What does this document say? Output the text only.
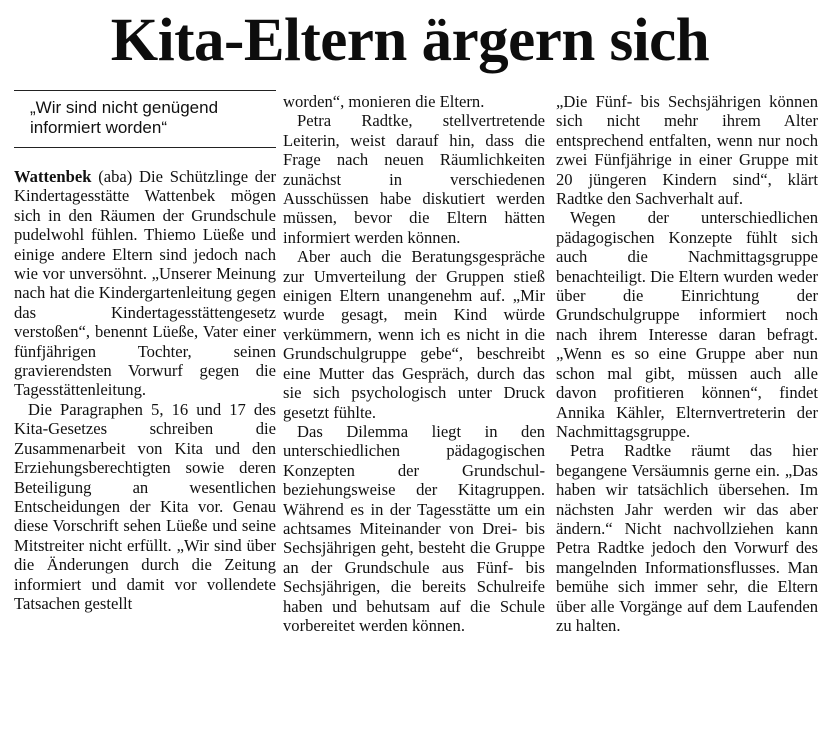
Kita-Eltern ärgern sich
„Wir sind nicht genügend informiert worden“

Wattenbek (aba) Die Schützlinge der Kindertagesstätte Wattenbek mögen sich in den Räumen der Grundschule pudelwohl fühlen. Thiemo Lüeße und einige andere Eltern sind jedoch nach wie vor unversöhnt. „Unserer Meinung nach hat die Kindergartenleitung gegen das Kindertagesstättengesetz verstoßen“, benennt Lüeße, Vater einer fünfjährigen Tochter, seinen gravierendsten Vorwurf gegen die Tagesstättenleitung.

Die Paragraphen 5, 16 und 17 des Kita-Gesetzes schreiben die Zusammenarbeit von Kita und den Erziehungsberechtigten sowie deren Beteiligung an wesentlichen Entscheidungen der Kita vor. Genau diese Vorschrift sehen Lüeße und seine Mitstreiter nicht erfüllt. „Wir sind über die Änderungen durch die Zeitung informiert und damit vor vollendete Tatsachen gestellt

worden“, monieren die Eltern.

Petra Radtke, stellvertretende Leiterin, weist darauf hin, dass die Frage nach neuen Räumlichkeiten zunächst in verschiedenen Ausschüssen habe diskutiert werden müssen, bevor die Eltern hätten informiert werden können.

Aber auch die Beratungsgespräche zur Umverteilung der Gruppen stieß einigen Eltern unangenehm auf. „Mir wurde gesagt, mein Kind würde verkümmern, wenn ich es nicht in die Grundschulgruppe gebe“, beschreibt eine Mutter das Gespräch, durch das sie sich psychologisch unter Druck gesetzt fühlte.

Das Dilemma liegt in den unterschiedlichen pädagogischen Konzepten der Grundschul- beziehungsweise der Kitagruppen. Während es in der Tagesstätte um ein achtsames Miteinander von Drei- bis Sechsjährigen geht, besteht die Gruppe an der Grundschule aus Fünf- bis Sechsjährigen, die bereits Schulreife haben und behutsam auf die Schule vorbereitet werden können.

„Die Fünf- bis Sechsjährigen können sich nicht mehr ihrem Alter entsprechend entfalten, wenn nur noch zwei Fünfjährige in einer Gruppe mit 20 jüngeren Kindern sind“, klärt Radtke den Sachverhalt auf.

Wegen der unterschiedlichen pädagogischen Konzepte fühlt sich auch die Nachmittagsgruppe benachteiligt. Die Eltern wurden weder über die Einrichtung der Grundschulgruppe informiert noch nach ihrem Interesse daran befragt. „Wenn es so eine Gruppe aber nun schon mal gibt, müssen auch alle davon profitieren können“, findet Annika Kähler, Elternvertreterin der Nachmittagsgruppe.

Petra Radtke räumt das hier begangene Versäumnis gerne ein. „Das haben wir tatsächlich übersehen. Im nächsten Jahr werden wir das aber ändern.“ Nicht nachvollziehen kann Petra Radtke jedoch den Vorwurf des mangelnden Informationsflusses. Man bemühe sich immer sehr, die Eltern über alle Vorgänge auf dem Laufenden zu halten.
